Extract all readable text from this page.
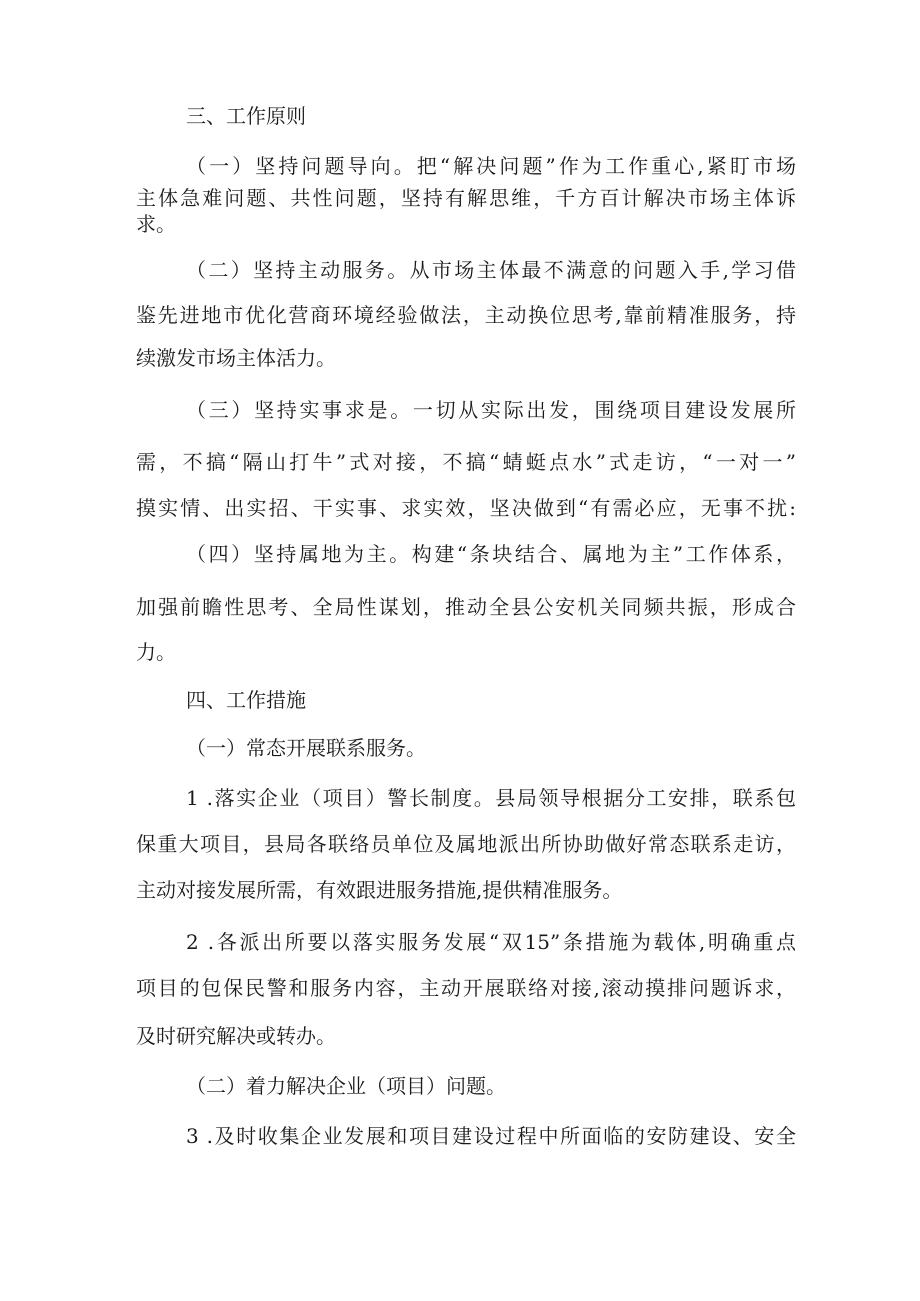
三、工作原则
（一）坚持问题导向。把“解决问题”作为工作重心,紧盯市场
主体急难问题、共性问题，坚持有解思维，千方百计解决市场主体诉
求。
（二）坚持主动服务。从市场主体最不满意的问题入手,学习借
鉴先进地市优化营商环境经验做法，主动换位思考,靠前精准服务，持
续激发市场主体活力。
（三）坚持实事求是。一切从实际出发，围绕项目建设发展所
需，不搞“隔山打牛”式对接，不搞“蜻蜓点水”式走访，“一对一”
摸实情、出实招、干实事、求实效，坚决做到“有需必应，无事不扰:
（四）坚持属地为主。构建“条块结合、属地为主”工作体系，
加强前瞻性思考、全局性谋划，推动全县公安机关同频共振，形成合
力。
四、工作措施
（一）常态开展联系服务。
1 .落实企业（项目）警长制度。县局领导根据分工安排，联系包
保重大项目，县局各联络员单位及属地派出所协助做好常态联系走访，
主动对接发展所需，有效跟进服务措施,提供精准服务。
2 .各派出所要以落实服务发展“双15”条措施为载体,明确重点
项目的包保民警和服务内容，主动开展联络对接,滚动摸排问题诉求，
及时研究解决或转办。
（二）着力解决企业（项目）问题。
3 .及时收集企业发展和项目建设过程中所面临的安防建设、安全
